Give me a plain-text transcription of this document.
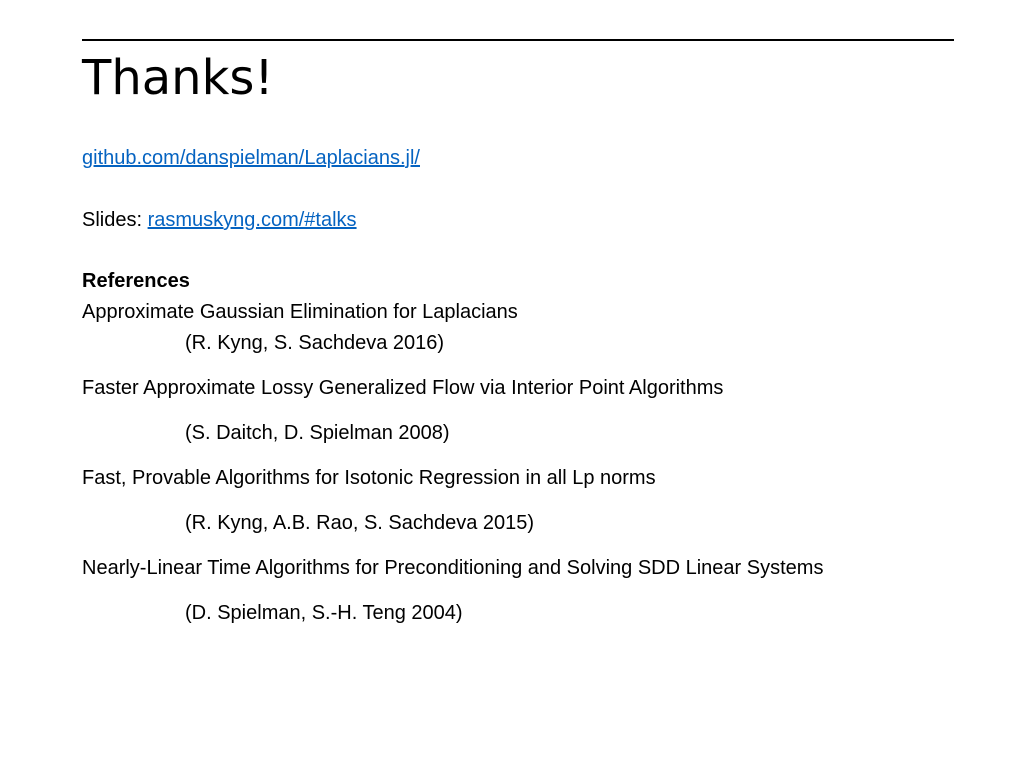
Thanks!
github.com/danspielman/Laplacians.jl/
Slides: rasmuskyng.com/#talks
References
Approximate Gaussian Elimination for Laplacians
(R. Kyng, S. Sachdeva 2016)
Faster Approximate Lossy Generalized Flow via Interior Point Algorithms
(S. Daitch, D. Spielman 2008)
Fast, Provable Algorithms for Isotonic Regression in all Lp norms
(R. Kyng, A.B. Rao, S. Sachdeva 2015)
Nearly-Linear Time Algorithms for Preconditioning and Solving SDD Linear Systems
(D. Spielman, S.-H. Teng 2004)
